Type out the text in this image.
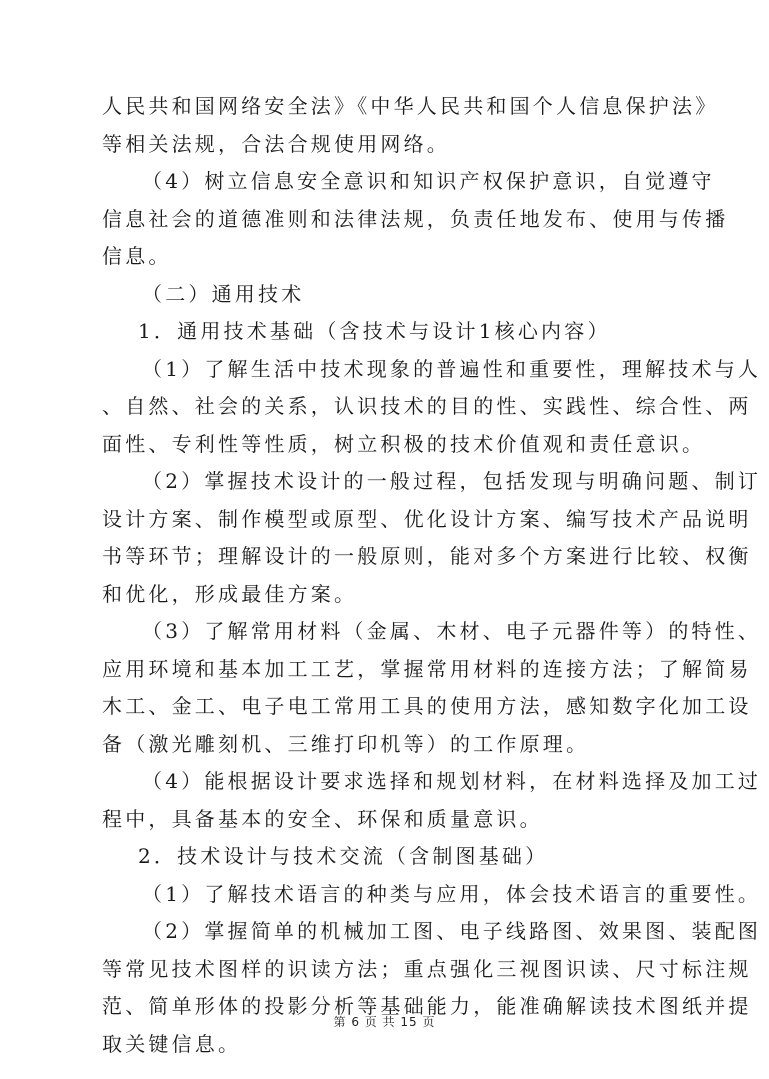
人民共和国网络安全法》《中华人民共和国个人信息保护法》
等相关法规，合法合规使用网络。
（4）树立信息安全意识和知识产权保护意识，自觉遵守
信息社会的道德准则和法律法规，负责任地发布、使用与传播
信息。
（二）通用技术
1．通用技术基础（含技术与设计1核心内容）
（1）了解生活中技术现象的普遍性和重要性，理解技术与人
、自然、社会的关系，认识技术的目的性、实践性、综合性、两
面性、专利性等性质，树立积极的技术价值观和责任意识。
（2）掌握技术设计的一般过程，包括发现与明确问题、制订
设计方案、制作模型或原型、优化设计方案、编写技术产品说明
书等环节；理解设计的一般原则，能对多个方案进行比较、权衡
和优化，形成最佳方案。
（3）了解常用材料（金属、木材、电子元器件等）的特性、
应用环境和基本加工工艺，掌握常用材料的连接方法；了解简易
木工、金工、电子电工常用工具的使用方法，感知数字化加工设
备（激光雕刻机、三维打印机等）的工作原理。
（4）能根据设计要求选择和规划材料，在材料选择及加工过
程中，具备基本的安全、环保和质量意识。
2．技术设计与技术交流（含制图基础）
（1）了解技术语言的种类与应用，体会技术语言的重要性。
（2）掌握简单的机械加工图、电子线路图、效果图、装配图
等常见技术图样的识读方法；重点强化三视图识读、尺寸标注规
范、简单形体的投影分析等基础能力，能准确解读技术图纸并提
取关键信息。
第 6 页 共 15 页
